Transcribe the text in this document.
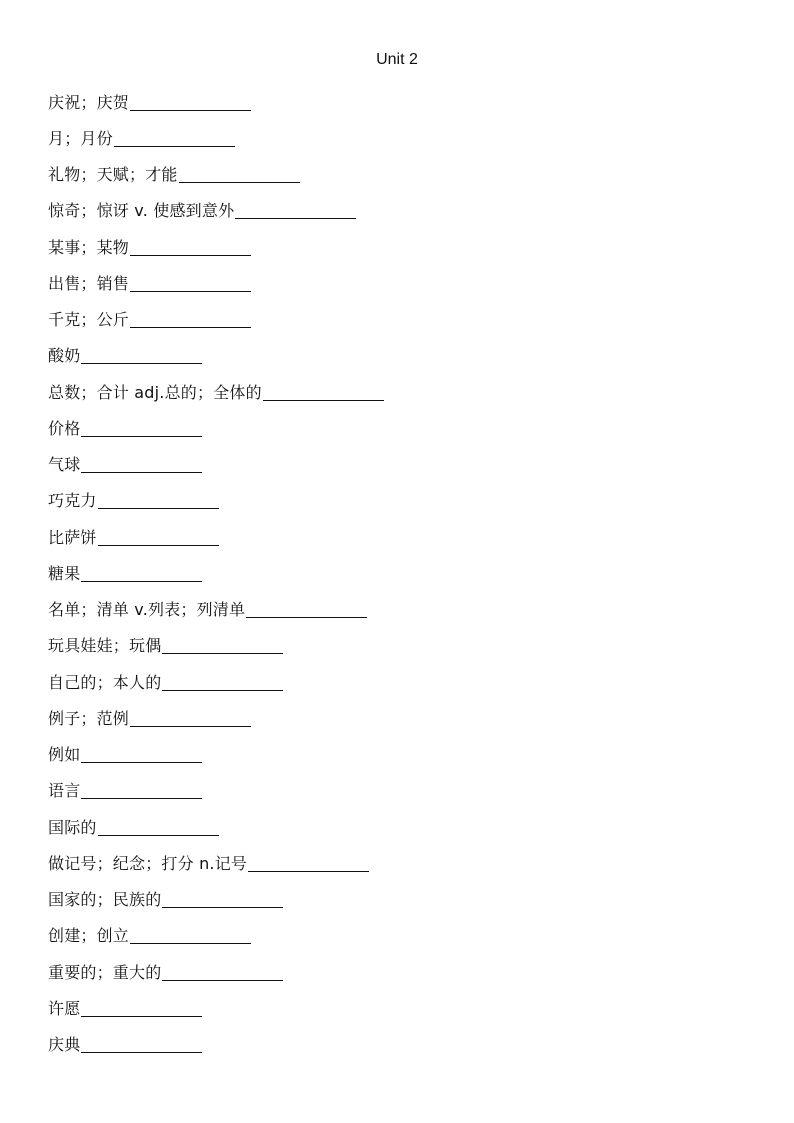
Unit 2
庆祝；庆贺
月；月份
礼物；天赋；才能
惊奇；惊讶 v. 使感到意外
某事；某物
出售；销售
千克；公斤
酸奶
总数；合计 adj.总的；全体的
价格
气球
巧克力
比萨饼
糖果
名单；清单 v.列表；列清单
玩具娃娃；玩偶
自己的；本人的
例子；范例
例如
语言
国际的
做记号；纪念；打分 n.记号
国家的；民族的
创建；创立
重要的；重大的
许愿
庆典
